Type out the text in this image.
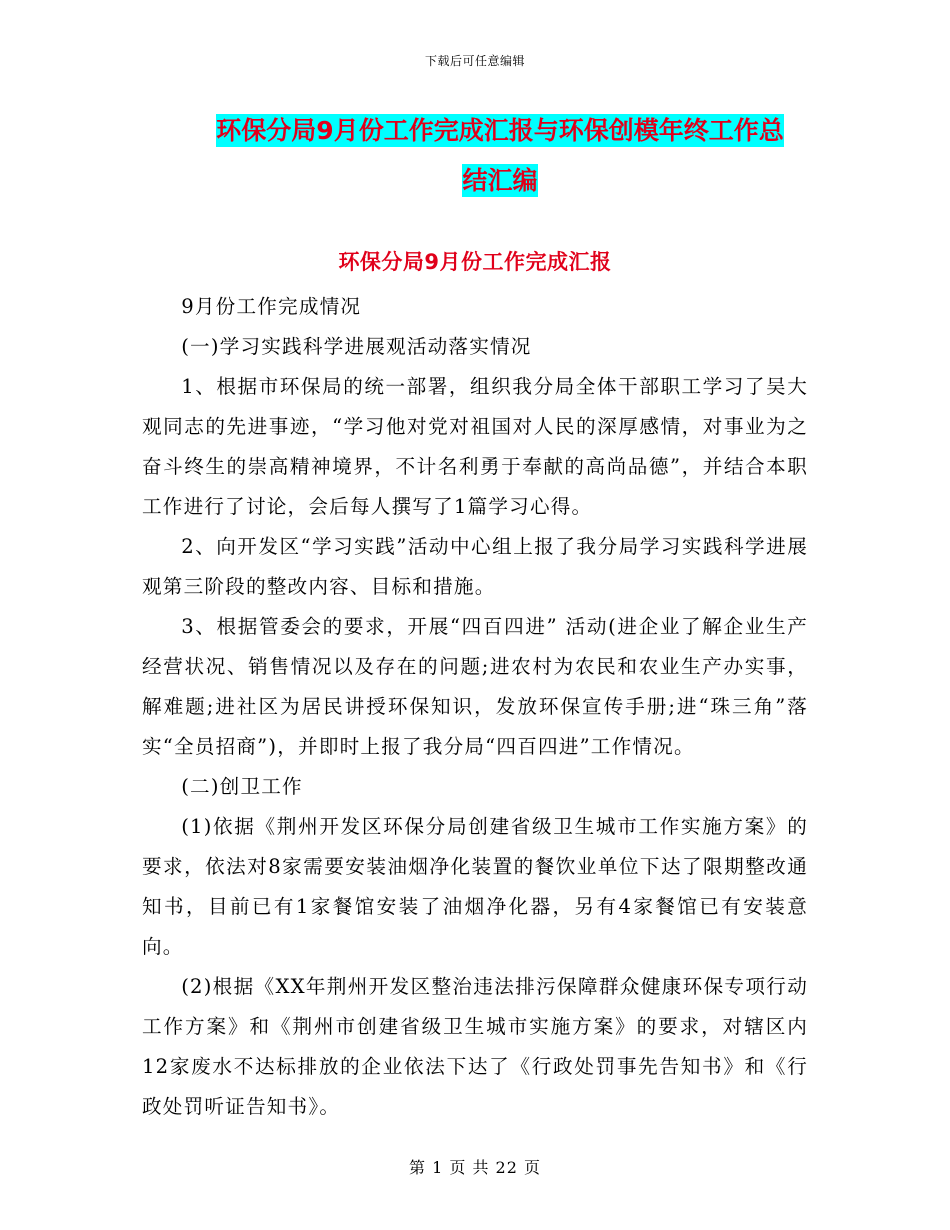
下载后可任意编辑
环保分局9月份工作完成汇报与环保创模年终工作总
结汇编
环保分局9月份工作完成汇报

9月份工作完成情况

(一)学习实践科学进展观活动落实情况

1、根据市环保局的统一部署，组织我分局全体干部职工学习了吴大观同志的先进事迹，“学习他对党对祖国对人民的深厚感情，对事业为之奋斗终生的崇高精神境界，不计名利勇于奉献的高尚品德”，并结合本职工作进行了讨论，会后每人撰写了1篇学习心得。

2、向开发区“学习实践”活动中心组上报了我分局学习实践科学进展观第三阶段的整改内容、目标和措施。

3、根据管委会的要求，开展“四百四进” 活动(进企业了解企业生产经营状况、销售情况以及存在的问题;进农村为农民和农业生产办实事，解难题;进社区为居民讲授环保知识，发放环保宣传手册;进“珠三角”落实“全员招商”)，并即时上报了我分局“四百四进”工作情况。

(二)创卫工作

(1)依据《荆州开发区环保分局创建省级卫生城市工作实施方案》的要求，依法对8家需要安装油烟净化装置的餐饮业单位下达了限期整改通知书，目前已有1家餐馆安装了油烟净化器，另有4家餐馆已有安装意向。

(2)根据《XX年荆州开发区整治违法排污保障群众健康环保专项行动工作方案》和《荆州市创建省级卫生城市实施方案》的要求，对辖区内12家废水不达标排放的企业依法下达了《行政处罚事先告知书》和《行政处罚听证告知书》。

第 1 页 共 22 页
